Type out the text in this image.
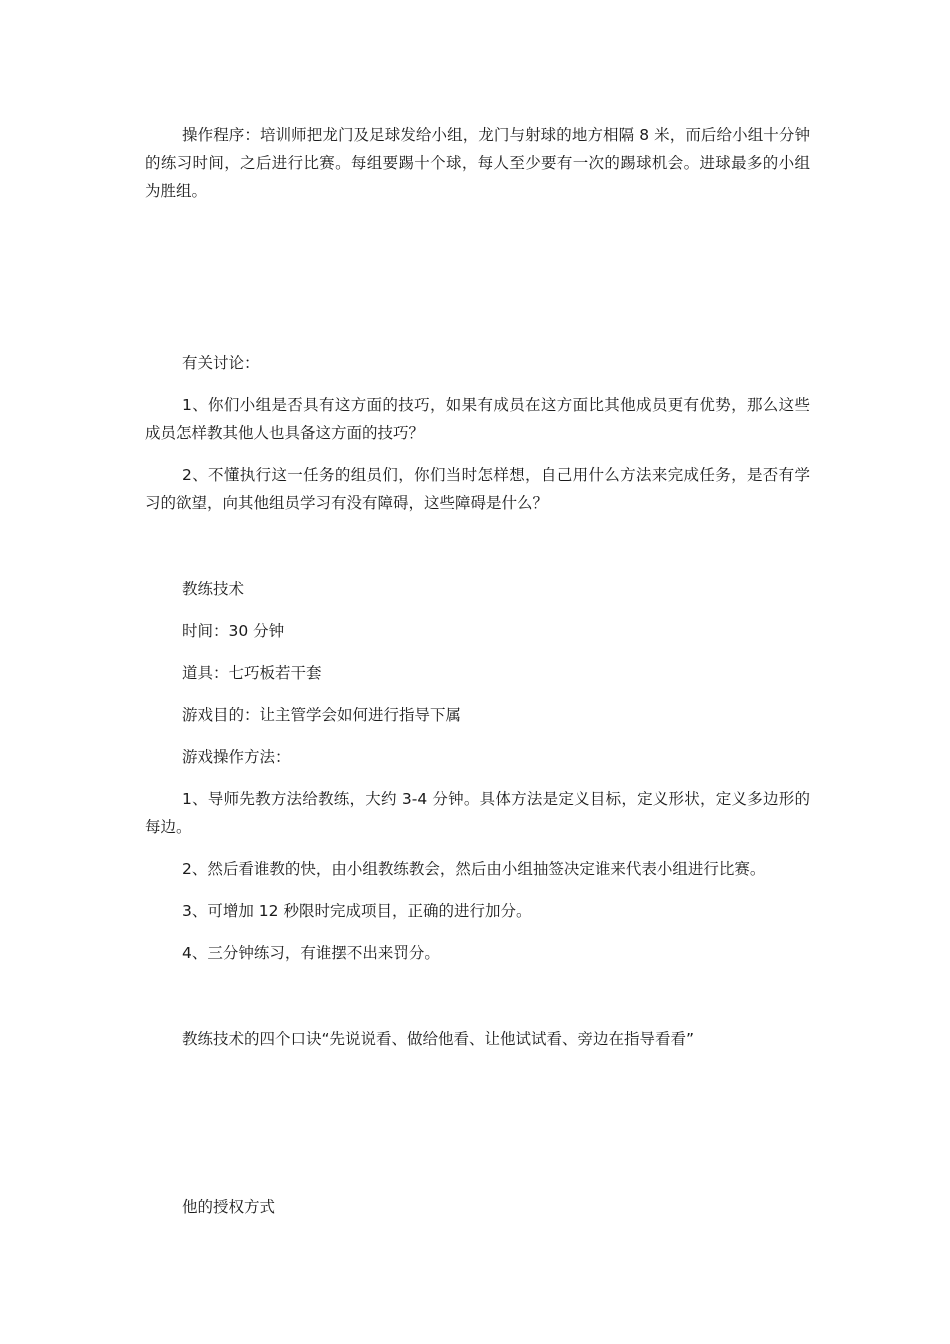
操作程序：培训师把龙门及足球发给小组，龙门与射球的地方相隔 8 米，而后给小组十分钟的练习时间，之后进行比赛。每组要踢十个球，每人至少要有一次的踢球机会。进球最多的小组为胜组。

有关讨论：

1、你们小组是否具有这方面的技巧，如果有成员在这方面比其他成员更有优势，那么这些成员怎样教其他人也具备这方面的技巧？

2、不懂执行这一任务的组员们，你们当时怎样想，自己用什么方法来完成任务，是否有学习的欲望，向其他组员学习有没有障碍，这些障碍是什么？

教练技术

时间：30 分钟

道具：七巧板若干套

游戏目的：让主管学会如何进行指导下属

游戏操作方法：

1、导师先教方法给教练，大约 3-4 分钟。具体方法是定义目标，定义形状，定义多边形的每边。

2、然后看谁教的快，由小组教练教会，然后由小组抽签决定谁来代表小组进行比赛。

3、可增加 12 秒限时完成项目，正确的进行加分。

4、三分钟练习，有谁摆不出来罚分。

教练技术的四个口诀“先说说看、做给他看、让他试试看、旁边在指导看看”

他的授权方式
